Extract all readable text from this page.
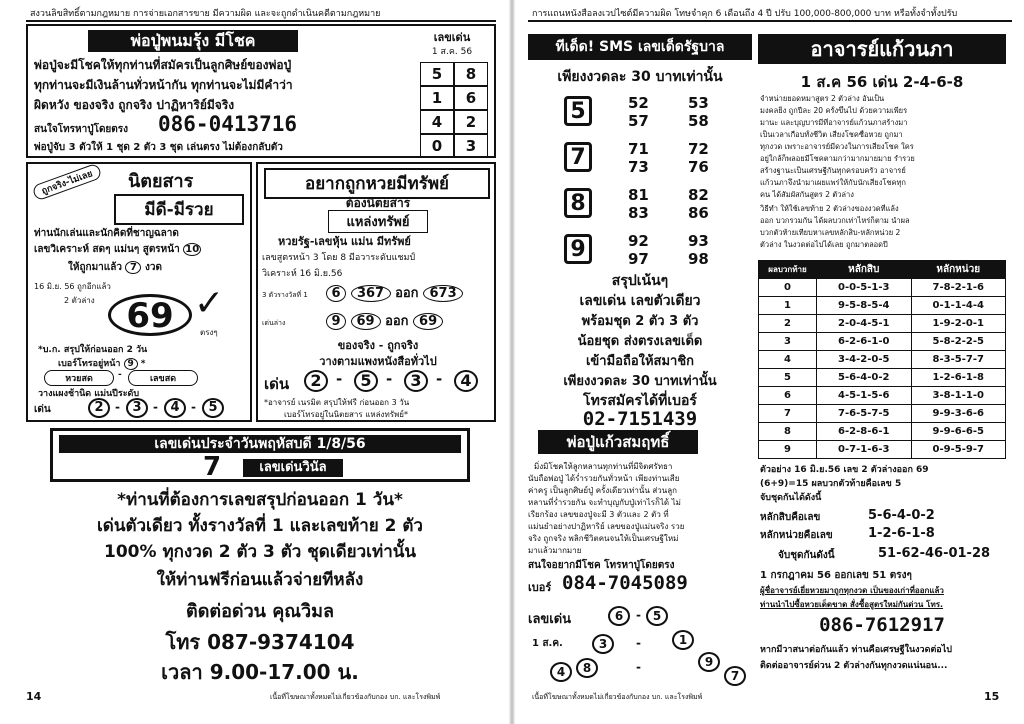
สงวนลิขสิทธิ์ตามกฎหมาย การจ่ายเอกสารขาย มีความผิด และจะถูกดำเนินคดีตามกฎหมาย
พ่อปู่พนมรุ้ง มีโชค
พ่อปู่จะมีโชคให้ทุกท่านที่สมัครเป็นลูกศิษย์ของพ่อปู่
ทุกท่านจะมีเงินล้านทั่วหน้ากัน ทุกท่านจะไม่มีคำว่า
ผิดหวัง ของจริง ถูกจริง ปาฏิหาริย์มีจริง
สนใจโทรหาปู่โดยตรง	086-0413716
พ่อปู่จับ 3 ตัวให้ 1 ชุด 2 ตัว 3 ชุด เล่นตรง ไม่ต้องกลับตัว
เลขเด่น
1 ส.ค. 56
5	8
1	6
4	2
0	3
ถูกจริง-ไม่เลย	นิตยสาร
มีดี-มีรวย
ท่านนักเล่นและนักคิดที่ชาญฉลาด
เลขวิเคราะห์ สดๆ แม่นๆ สูตรหน้า 10
ให้ถูกมาแล้ว 7 งวด
16 มิ.ย. 56 ถูกอีกแล้ว
2 ตัวล่าง 69 ✓
ตรงๆ
*บ.ก. สรุปให้ก่อนออก 2 วัน
เบอร์โทรอยู่หน้า 9 *
หวยสด	-	เลขสด
วางแผงช้านิด แม่นปีระดับ
เด่น	2 - 3 - 4 - 5
อยากถูกหวยมีทรัพย์
ต้องนิตยสาร
แหล่งทรัพย์
หวยรัฐ-เลขหุ้น แม่น มีทรัพย์
เลขสูตรหน้า 3 โดย 8 มีอวาระดับแชมป์
วิเคราะห์ 16 มิ.ย.56
3 ตัวรางวัลที่ 1	6 367 ออก 673
เด่นล่าง	9 69 ออก 69
ของจริง - ถูกจริง
วางตามแพงหนังสือทั่วไป
เด่น	2 -	5 -	3 -	4
*อาจารย์ เนรมิต สรุปให้ฟรี ก่อนออก 3 วัน
เบอร์โทรอยู่ในนิตยสาร แหล่งทรัพย์*
เลขเด่นประจำวันพฤหัสบดี 1/8/56
7	เลขเด่นวินัล
*ท่านที่ต้องการเลขสรุปก่อนออก 1 วัน*
เด่นตัวเดียว ทั้งรางวัลที่ 1 และเลขท้าย 2 ตัว
100% ทุกงวด 2 ตัว 3 ตัว ชุดเดียวเท่านั้น
ให้ท่านฟรีก่อนแล้วจ่ายทีหลัง
ติดต่อด่วน คุณวิมล
โทร 087-9374104
เวลา 9.00-17.00 น.
14	เนื้อที่โฆษณาทั้งหมดไม่เกี่ยวข้องกับกอง บก. และโรงพิมพ์
การแถนหนังสือลงเวปไซต์มีความผิด โทษจำคุก 6 เดือนถึง 4 ปี ปรับ 100,000-800,000 บาท หรือทั้งจำทั้งปรับ
ทีเด็ด! SMS เลขเด็ดรัฐบาล
เพียงงวดละ 30 บาทเท่านั้น
5	52	53
57	58
7	71	72
73	76
8	81	82
83	86
9	92	93
97	98
สรุปเน้นๆ
เลขเด่น เลขตัวเดียว
พร้อมชุด 2 ตัว 3 ตัว
น้อยชุด ส่งตรงเลขเด็ด
เข้ามือถือให้สมาชิก
เพียงงวดละ 30 บาทเท่านั้น
โทรสมัครได้ที่เบอร์
02-7151439
พ่อปู่แก้วสมฤทธิ์
มิ่งมิโชคให้ลูกหลานทุกท่านที่มีจิตศรัทธา
นับถือพ่อปู่ ได้ร่ำรวยกันทั่วหน้า เพียงท่านเสีย
ค่าครู เป็นลูกศิษย์ปู่ ครั้งเดียวเท่านั้น ส่วนลูก
หลานที่ร่ำรวยกัน จะทำบุญกับปู่เท่าไรก็ได้ ไม่
เรียกร้อง เลขของปู่จะมี 3 ตัวและ 2 ตัว ที่
แม่นยำอย่างปาฏิหาริย์ เลขของปู่แม่นจริง รวย
จริง ถูกจริง พลิกชีวิตคนจนให้เป็นเศรษฐีใหม่
มาแล้วมากมาย
สนใจอยากมีโชค โทรหาปู่โดยตรง
เบอร์ 084-7045089
เลขเด่น
1 ส.ค.
6	- 5
3	-	1
8	-	9
4	7
อาจารย์แก้วนภา
1 ส.ค 56 เด่น 2-4-6-8
จำหน่ายยอดหมาสูตร 2 ตัวล่าง อันเป็น
มงคลยิ่ง ถูกปีละ 20 ครั้งขึ้นไป ด้วยความเพียร
มานะ และบุญบารมีที่อาจารย์แก้วนภาสร้างมา
เป็นเวลาเกือบทั้งชีวิต เสี่ยงโชคซื้อหวย ถูกมา
ทุกงวด เพราะอาจารย์มีดวงในการเสี่ยงโชค ใคร
อยู่ใกล้ก็พลอยมีโชคตามกว่ามากมายมาย รำรวย
สร้างฐานะเป็นเศรษฐีกันทุกครอบครัว อาจารย์
แก้วนภาจึงนำมาเผยแพร่ให้กับนักเสี่ยงโชคทุก
คน ได้สัมผัสกันสูตร 2 ตัวล่าง
วิธีทำ ให้ใช้เลขท้าย 2 ตัวล่างของงวดที่แล้ง
ออก บวกรวมกัน ได้ผลบวกเท่าไหร่ก็ตาม นำผล
บวกตัวท้ายเทียบหาเลขหลักสิบ-หลักหน่วย 2
ตัวล่าง ในงวดต่อไปได้เลย ถูกมาตลอดปี
ผลบวกท้าย	หลักสิบ	หลักหน่วย
0	0-0-5-1-3	7-8-2-1-6
1	9-5-8-5-4	0-1-1-4-4
2	2-0-4-5-1	1-9-2-0-1
3	6-2-6-1-0	5-8-2-2-5
4	3-4-2-0-5	8-3-5-7-7
5	5-6-4-0-2	1-2-6-1-8
6	4-5-1-5-6	3-8-1-1-0
7	7-6-5-7-5	9-9-3-6-6
8	6-2-8-6-1	9-9-6-6-5
9	0-7-1-6-3	0-9-5-9-7
ตัวอย่าง 16 มิ.ย.56 เลข 2 ตัวล่างออก 69
(6+9)=15 ผลบวกตัวท้ายคือเลข 5
จับชุดกันได้ดังนี้
หลักสิบคือเลข	5-6-4-0-2
หลักหน่วยคือเลข	1-2-6-1-8
จับชุดกันดังนี้	51-62-46-01-28
1 กรกฎาคม 56 ออกเลข 51 ตรงๆ
ผู้ชื่อาจารย์เยี่ยหวยมาถูกทุกงวด เป็นของเก่าที่ออกแล้ว
ท่านนำไปซื้อหวยเด็ดขาด สั่งซื้อสูตรใหม่กันด่วน โทร.
086-7612917
หากมีวาสนาต่อกันแล้ว ท่านคือเศรษฐีในงวดต่อไป
ติดต่ออาจารย์ด่วน 2 ตัวล่างกันทุกงวดแน่นอน...
เนื้อที่โฆษณาทั้งหมดไม่เกี่ยวข้องกับกอง บก. และโรงพิมพ์	15
